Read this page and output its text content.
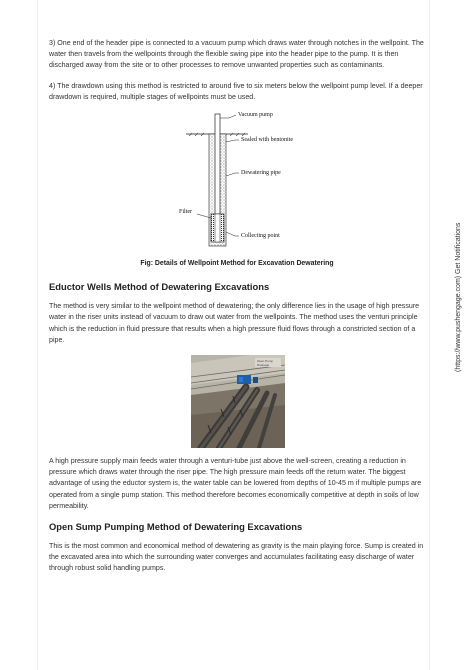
3) One end of the header pipe is connected to a vacuum pump which draws water through notches in the wellpoint. The water then travels from the wellpoints through the flexible swing pipe into the header pipe to the pump. It is then discharged away from the site or to other processes to remove unwanted properties such as contaminants.

4) The drawdown using this method is restricted to around five to six meters below the wellpoint pump level. If a deeper drawdown is required, multiple stages of wellpoints must be used.

Vacuum pump
Sealed with bentonite
Dewatering pipe
Filter
Collecting point
Fig: Details of Wellpoint Method for Excavation Dewatering
Eductor Wells Method of Dewatering Excavations

The method is very similar to the wellpoint method of dewatering; the only difference lies in the usage of high pressure water in the riser units instead of vacuum to draw out water from the wellpoints. The method uses the venturi principle which is the reduction in fluid pressure that results when a high pressure fluid flows through a constricted section of a pipe.

Open Pump
Drainage

A high pressure supply main feeds water through a venturi-tube just above the well-screen, creating a reduction in pressure which draws water through the riser pipe. The high pressure main feeds off the return water. The biggest advantage of using the eductor system is, the water table can be lowered from depths of 10-45 m if multiple pumps are operated from a single pump station. This method therefore becomes economically competitive at depth in soils of low permeability.

Open Sump Pumping Method of Dewatering Excavations

This is the most common and economical method of dewatering as gravity is the main playing force. Sump is created in the excavated area into which the surrounding water converges and accumulates facilitating easy discharge of water through robust solid handling pumps.

(https://www.pushengage.com) Get Notifications
